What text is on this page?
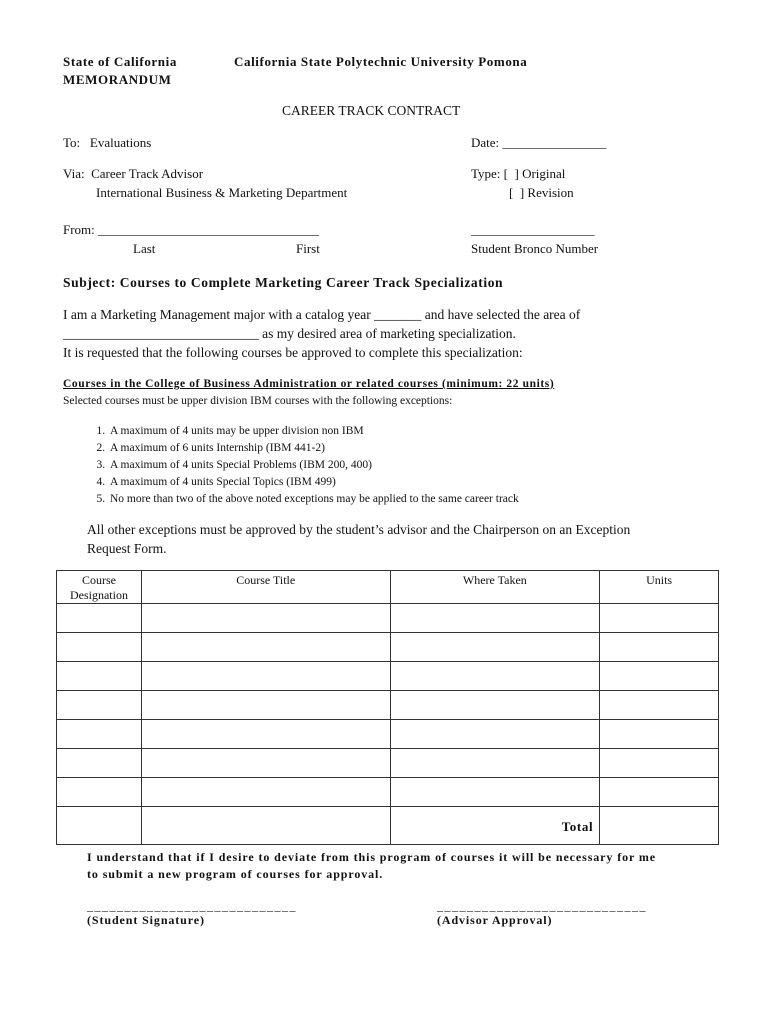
State of California	California State Polytechnic University Pomona
MEMORANDUM
CAREER TRACK CONTRACT
To:   Evaluations	Date: ________________
Via:  Career Track Advisor
International Business & Marketing Department
Type: [  ] Original
[  ] Revision
From: __________________________________	___________________
Last	First	Student Bronco Number
Subject: Courses to Complete Marketing Career Track Specialization
I am a Marketing Management major with a catalog year _______ and have selected the area of
_____________________________ as my desired area of marketing specialization.
It is requested that the following courses be approved to complete this specialization:
Courses in the College of Business Administration or related courses (minimum: 22 units)
Selected courses must be upper division IBM courses with the following exceptions:
1. A maximum of 4 units may be upper division non IBM
2. A maximum of 6 units Internship (IBM 441-2)
3. A maximum of 4 units Special Problems (IBM 200, 400)
4. A maximum of 4 units Special Topics (IBM 499)
5. No more than two of the above noted exceptions may be applied to the same career track
All other exceptions must be approved by the student’s advisor and the Chairperson on an Exception
Request Form.
Course
Designation	Course Title	Where Taken	Units

		Total	
I understand that if I desire to deviate from this program of courses it will be necessary for me
to submit a new program of courses for approval.
____________________________	____________________________
(Student Signature)	(Advisor Approval)
